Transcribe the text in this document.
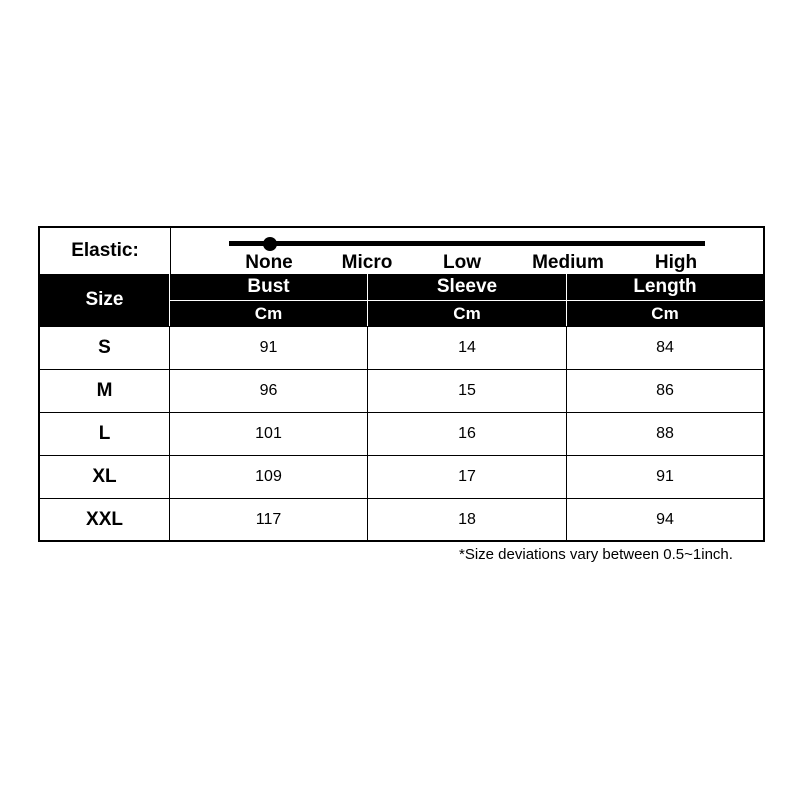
Elastic:
None	Micro	Low	Medium	High
Size
Bust	Sleeve	Length
Cm	Cm	Cm
S	91	14	84
M	96	15	86
L	101	16	88
XL	109	17	91
XXL	117	18	94
*Size deviations vary between 0.5~1inch.
